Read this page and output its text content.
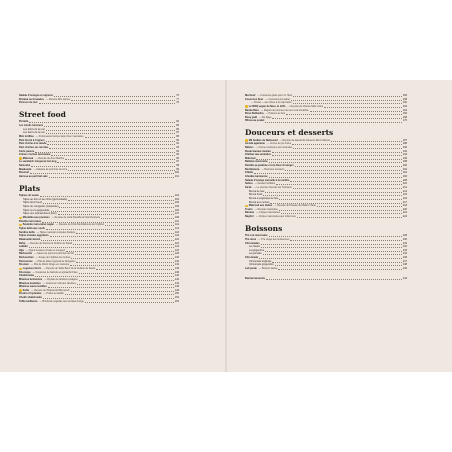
Salade d'oranges et oignons	76
Brivana ou brouades — Recette libre épicée	77
Poisson de mer	78
Street food
Pizzetta	84
Les totolis tunisiens	86
Les tiroirs de la mer	86
Les tiroirs de la mer	87
Mini tortillas — Petits sauce fourrée façon bien marocaine	88
Pain fourré à l'oignon	90
Pain chiche à la viande	92
Pain chiches au carottes	93
Carte pauvre	94
Crème crochue tunisienne	95
Mabrouk — Recette de chez Marline	96
Le sandwich mergueza hot-dog	97
Samouka	98
Maakouda — Galettes de pommes de terre	99
Bouzouf	100
Harissa au petit lait salé	101
Plats
Tajines de veaux	104
Tajine au thon et au citron (grémoulade)	104
Tajine farci boeuf	105
Tajine de courgettes (casserole)	106
Tajine sur la gargoulette	106
Tajine aux topinambours (lour)	107
Mloukhia aux pommes — Recette de Leïla Sioud/la de Nas Heurterie	108
Pastilla marocaine	110
Boulette marocaine vegan — Recette de Driss Benhlabouna de l'Aghbel	112
Tajine kefta aux oeufs	114
Sardine kefta — Tajine marocain à la jake ficellerie	116
Tajine tomates égyptiens	118
Ratatouille dezieh	120
Rafiq — Recette de Sonia à la Cuisine de Sarah	122
Lablabi	124
Ojja — Ojja à la sauce tomate et merguez	126
Barbouche — Sauce de poivrons plombés au lait	128
Berbouchan — Soupe de l'Aghbel des herbes	130
Pastourane — Plat de pâtes réginoal au Nougarou	132
Bosnien — Plat de Rosin Orage en marscine	134
Legumes farcis — Recette de Taide Benir de la Cuisine de Sarah	136
Khorsaya — Couscous de haricots et épinards Frites	138
Chakchouka	140
Mhamsa tunisienne — Royale de sardines potagère	142
Mhamsa boulettes — Couscous rolls aux sardines	144
Mhamsa sauce lentilles	146
Kefta — Recette de l'Hapsud El Mernouch	148
Poulet et hyderabe — Poulet au basilic	150
Chekh shakshouka	152
Taffa mediteran — Brochette végétale aux tomates d'ange	154
Mechouf — Couscous glacé pour un Hiver	156
Couscous fleur — Couscous à la sahel	158
— Poulet — aux olives à la marocaine	160
Le BBQ vegan de Nasr, le 123n — Recette de Chama Nabi moins	162
Bamia Rara — Ragoût de pommes de terre à la tomatfoie	164
Bzou Belhardra — Poisson au four	166
Bouy jedd — Bo djaye	168
Rfissa au poulet	170
Douceurs et desserts
Mil feuilles de Nabourad — Recette de Alexandré Doual et Moun Mumès	187
Assida aguinane — Crème de joc d'ame	188
Bakrus — Crème tunisienne aux amandes	190
Boule banane maman	192
Ghribas aux amandes	194
Makroud	196
Baklava marocaine	198
Pastilla au pralinée et à la fleur d'oranger	200
Bechkaoura — Bouncies tunisiens	202
Ghilda	204
Ghraiba tunisienne	206
Salade d'orange cannelle à la menthe	208
Sellou — Dessert fortifiant	210
Ka'ak — Le premier biscuité 'les Tunisiens	212
Bouza de fete	214
Bouza fruité	215
Bouza energétique de fete	216
Bouza aux cerises	217
Makroud aux dattes — Recette de Hassan de Maison Hana	218
Tourte — Recette marocaine	220
Banane — Crêpes marocaines	222
Baghrir — Crêpes marocaines aux mille trous	224
Boissons
Thé à la marocaine	228
Thé doux — Thé rouge aux tunisiennes	230
Citronnades	232
La classic	232
La gingembre	233
La grenade	234
Citronnade	236
Citronnade originale	237
Citronnade gingembre	238
Lait poule — Boisson lactée	240
Remerciements	244
